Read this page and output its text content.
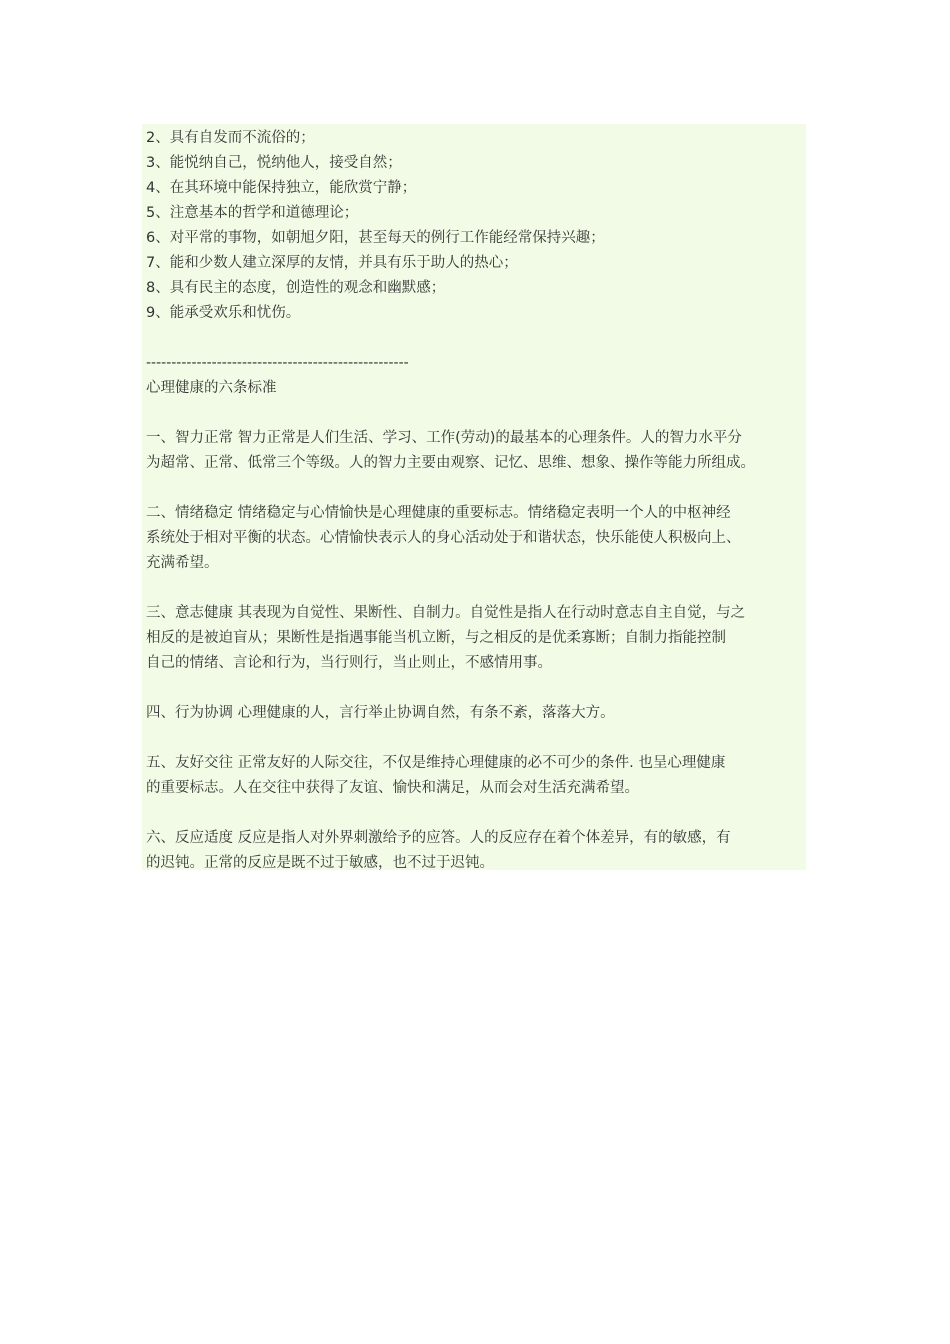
2、具有自发而不流俗的；

3、能悦纳自己，悦纳他人，接受自然；

4、在其环境中能保持独立，能欣赏宁静；

5、注意基本的哲学和道德理论；

6、对平常的事物，如朝旭夕阳，甚至每天的例行工作能经常保持兴趣；

7、能和少数人建立深厚的友情，并具有乐于助人的热心；

8、具有民主的态度，创造性的观念和幽默感；

9、能承受欢乐和忧伤。

----------------------------------------------------

心理健康的六条标准

一、智力正常 智力正常是人们生活、学习、工作(劳动)的最基本的心理条件。人的智力水平分

为超常、正常、低常三个等级。人的智力主要由观察、记忆、思维、想象、操作等能力所组成。

二、情绪稳定 情绪稳定与心情愉快是心理健康的重要标志。情绪稳定表明一个人的中枢神经

系统处于相对平衡的状态。心情愉快表示人的身心活动处于和谐状态，快乐能使人积极向上、

充满希望。

三、意志健康 其表现为自觉性、果断性、自制力。自觉性是指人在行动时意志自主自觉，与之

相反的是被迫盲从；果断性是指遇事能当机立断，与之相反的是优柔寡断；自制力指能控制

自己的情绪、言论和行为，当行则行，当止则止，不感情用事。

四、行为协调 心理健康的人，言行举止协调自然，有条不紊，落落大方。

五、友好交往 正常友好的人际交往，不仅是维持心理健康的必不可少的条件. 也呈心理健康

的重要标志。人在交往中获得了友谊、愉快和满足，从而会对生活充满希望。

六、反应适度 反应是指人对外界刺激给予的应答。人的反应存在着个体差异，有的敏感，有

的迟钝。正常的反应是既不过于敏感，也不过于迟钝。
